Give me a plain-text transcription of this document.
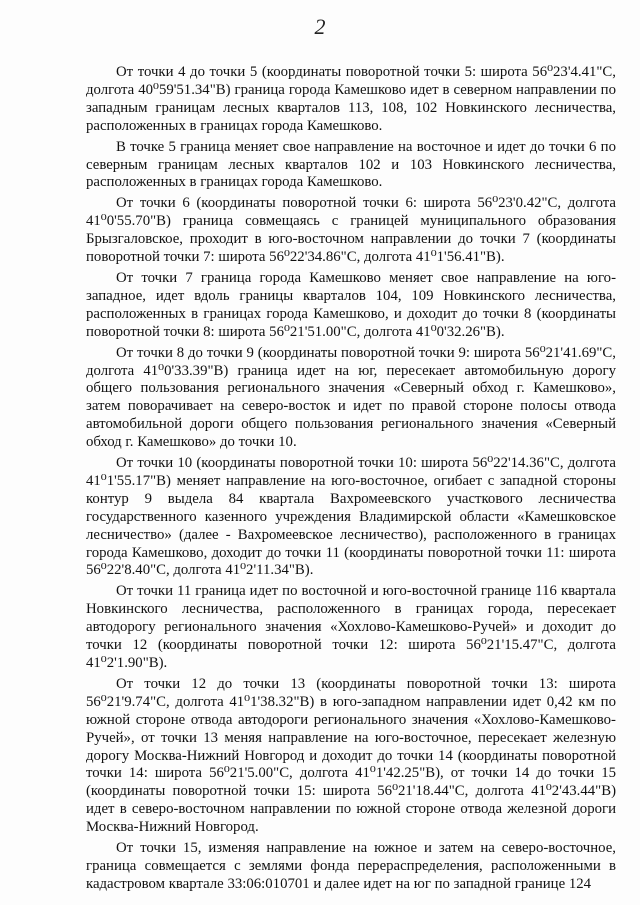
2

От точки 4 до точки 5 (координаты поворотной точки 5: широта 56⁰23'4.41"С, долгота 40⁰59'51.34"В) граница города Камешково идет в северном направлении по западным границам лесных кварталов 113, 108, 102 Новкинского лесничества, расположенных в границах города Камешково.

В точке 5 граница меняет свое направление на восточное и идет до точки 6 по северным границам лесных кварталов 102 и 103 Новкинского лесничества, расположенных в границах города Камешково.

От точки 6 (координаты поворотной точки 6: широта 56⁰23'0.42"С, долгота 41⁰0'55.70"В) граница совмещаясь с границей муниципального образования Брызгаловское, проходит в юго-восточном направлении до точки 7 (координаты поворотной точки 7: широта 56⁰22'34.86"С, долгота 41⁰1'56.41"В).

От точки 7 граница города Камешково меняет свое направление на юго-западное, идет вдоль границы кварталов 104, 109 Новкинского лесничества, расположенных в границах города Камешково, и доходит до точки 8 (координаты поворотной точки 8: широта 56⁰21'51.00"С, долгота 41⁰0'32.26"В).

От точки 8 до точки 9 (координаты поворотной точки 9: широта 56⁰21'41.69"С, долгота 41⁰0'33.39"В) граница идет на юг, пересекает автомобильную дорогу общего пользования регионального значения «Северный обход г. Камешково», затем поворачивает на северо-восток и идет по правой стороне полосы отвода автомобильной дороги общего пользования регионального значения «Северный обход г. Камешково» до точки 10.

От точки 10 (координаты поворотной точки 10: широта 56⁰22'14.36"С, долгота 41⁰1'55.17"В) меняет направление на юго-восточное, огибает с западной стороны контур 9 выдела 84 квартала Вахромеевского участкового лесничества государственного казенного учреждения Владимирской области «Камешковское лесничество» (далее - Вахромеевское лесничество), расположенного в границах города Камешково, доходит до точки 11 (координаты поворотной точки 11: широта 56⁰22'8.40"С, долгота 41⁰2'11.34"В).

От точки 11 граница идет по восточной и юго-восточной границе 116 квартала Новкинского лесничества, расположенного в границах города, пересекает автодорогу регионального значения «Хохлово-Камешково-Ручей» и доходит до точки 12 (координаты поворотной точки 12: широта 56⁰21'15.47"С, долгота 41⁰2'1.90"В).

От точки 12 до точки 13 (координаты поворотной точки 13: широта 56⁰21'9.74"С, долгота 41⁰1'38.32"В) в юго-западном направлении идет 0,42 км по южной стороне отвода автодороги регионального значения «Хохлово-Камешково-Ручей», от точки 13 меняя направление на юго-восточное, пересекает железную дорогу Москва-Нижний Новгород и доходит до точки 14 (координаты поворотной точки 14: широта 56⁰21'5.00"С, долгота 41⁰1'42.25"В), от точки 14 до точки 15 (координаты поворотной точки 15: широта 56⁰21'18.44"С, долгота 41⁰2'43.44"В) идет в северо-восточном направлении по южной стороне отвода железной дороги Москва-Нижний Новгород.

От точки 15, изменяя направление на южное и затем на северо-восточное, граница совмещается с землями фонда перераспределения, расположенными в кадастровом квартале 33:06:010701 и далее идет на юг по западной границе 124
